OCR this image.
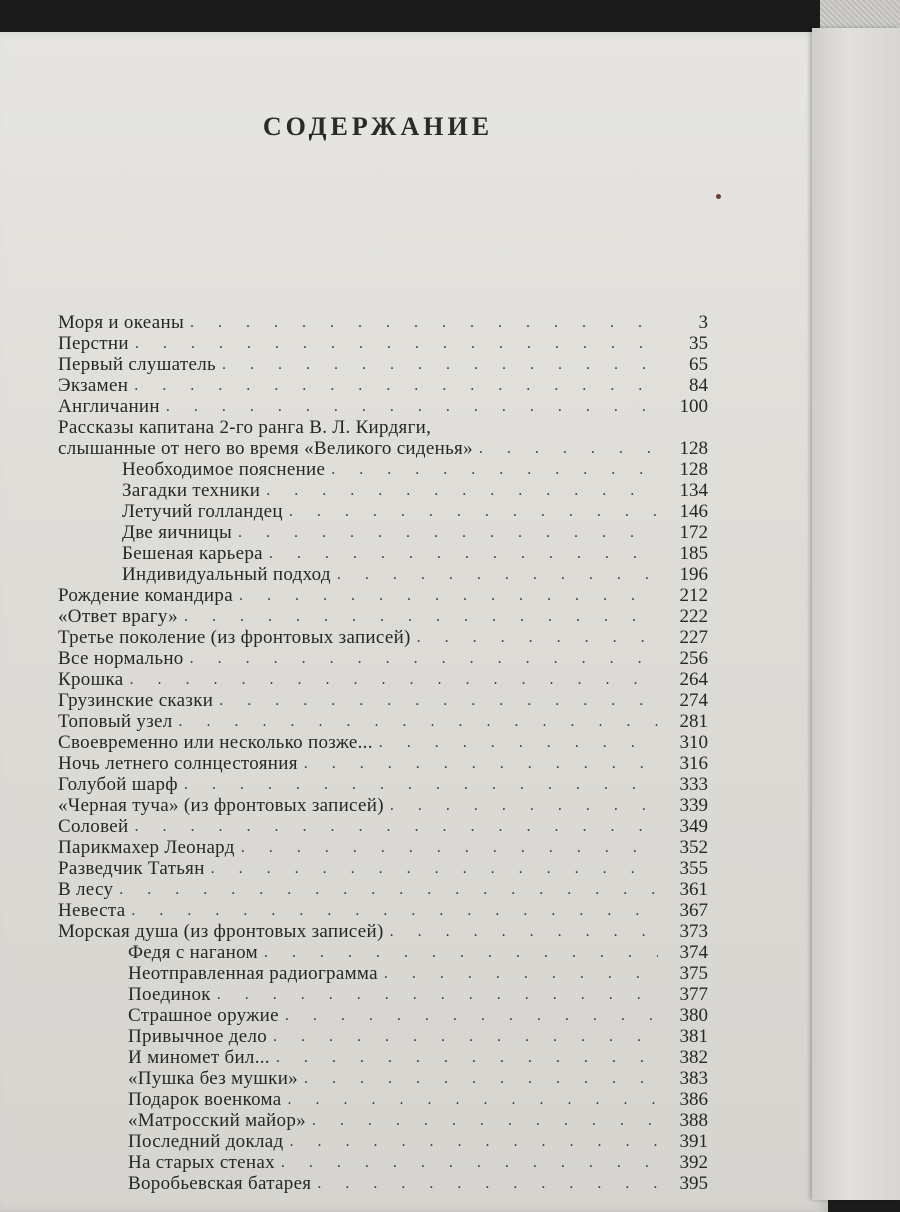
СОДЕРЖАНИЕ
Моря и океаны . . .	3
Перстни . . .	35
Первый слушатель . . .	65
Экзамен . . .	84
Англичанин . . .	100
Рассказы капитана 2-го ранга В. Л. Кирдяги,
слышанные от него во время «Великого сиденья» . . .	128
Необходимое пояснение . . .	128
Загадки техники . . .	134
Летучий голландец . . .	146
Две яичницы . . .	172
Бешеная карьера . . .	185
Индивидуальный подход . . .	196
Рождение командира . . .	212
«Ответ врагу» . . .	222
Третье поколение (из фронтовых записей) . . .	227
Все нормально . . .	256
Крошка . . .	264
Грузинские сказки . . .	274
Топовый узел . . .	281
Своевременно или несколько позже... . . .	310
Ночь летнего солнцестояния . . .	316
Голубой шарф . . .	333
«Черная туча» (из фронтовых записей) . . .	339
Соловей . . .	349
Парикмахер Леонард . . .	352
Разведчик Татьян . . .	355
В лесу . . .	361
Невеста . . .	367
Морская душа (из фронтовых записей) . . .	373
Федя с наганом . . .	374
Неотправленная радиограмма . . .	375
Поединок . . .	377
Страшное оружие . . .	380
Привычное дело . . .	381
И миномет бил... . . .	382
«Пушка без мушки» . . .	383
Подарок военкома . . .	386
«Матросский майор» . . .	388
Последний доклад . . .	391
На старых стенах . . .	392
Воробьевская батарея . . .	395
